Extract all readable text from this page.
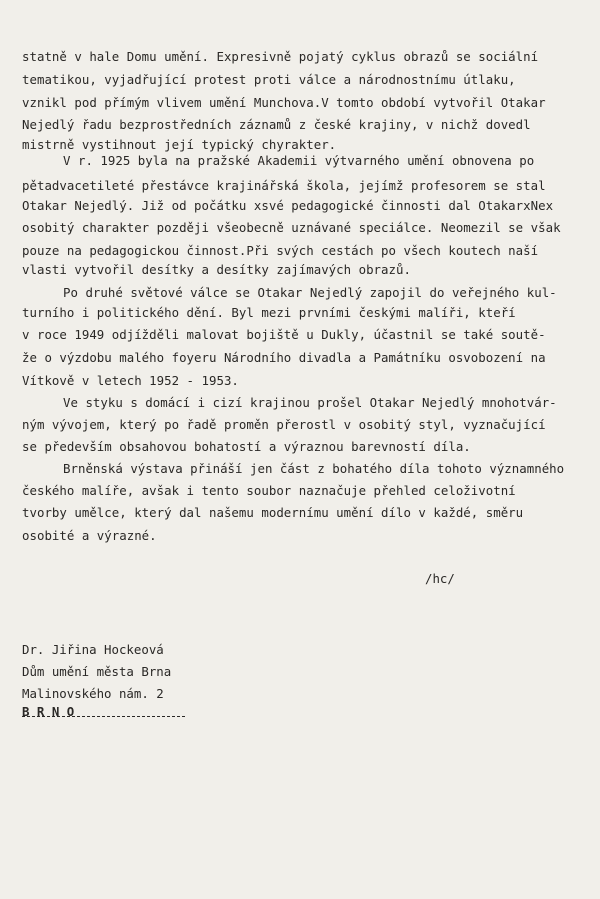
statně v hale Domu umění. Expresivně pojatý cyklus obrazů se sociální
tematikou, vyjadřující protest proti válce a národnostnímu útlaku,
vznikl pod přímým vlivem umění Munchova.V tomto období vytvořil Otakar
Nejedlý řadu bezprostředních záznamů z české krajiny, v nichž dovedl
mistrně vystihnout její typický chyrakter.
V r. 1925 byla na pražské Akademii výtvarného umění obnovena po
pětadvacetileté přestávce krajinářská škola, jejímž profesorem se stal
Otakar Nejedlý. Již od počátku xsvé pedagogické činnosti dal OtakarxNex
osobitý charakter později všeobecně uznávané speciálce. Neomezil se však
pouze na pedagogickou činnost.Při svých cestách po všech koutech naší
vlasti vytvořil desítky a desítky zajímavých obrazů.
Po druhé světové válce se Otakar Nejedlý zapojil do veřejného kul-
turního i politického dění. Byl mezi prvními českými malíři, kteří
v roce 1949 odjížděli malovat bojiště u Dukly, účastnil se také soutě-
že o výzdobu malého foyeru Národního divadla a Památníku osvobození na
Vítkově v letech 1952 - 1953.
Ve styku s domácí i cizí krajinou prošel Otakar Nejedlý mnohotvár-
ným vývojem, který po řadě proměn přerostl v osobitý styl, vyznačující
se především obsahovou bohatostí a výraznou barevností díla.
Brněnská výstava přináší jen část z bohatého díla tohoto významného
českého malíře, avšak i tento soubor naznačuje přehled celoživotní
tvorby umělce, který dal našemu modernímu umění dílo v každé, směru
osobité a výrazné.
/hc/
Dr. Jiřina Hockeová
Dům umění města Brna
Malinovského nám. 2
B R N O
